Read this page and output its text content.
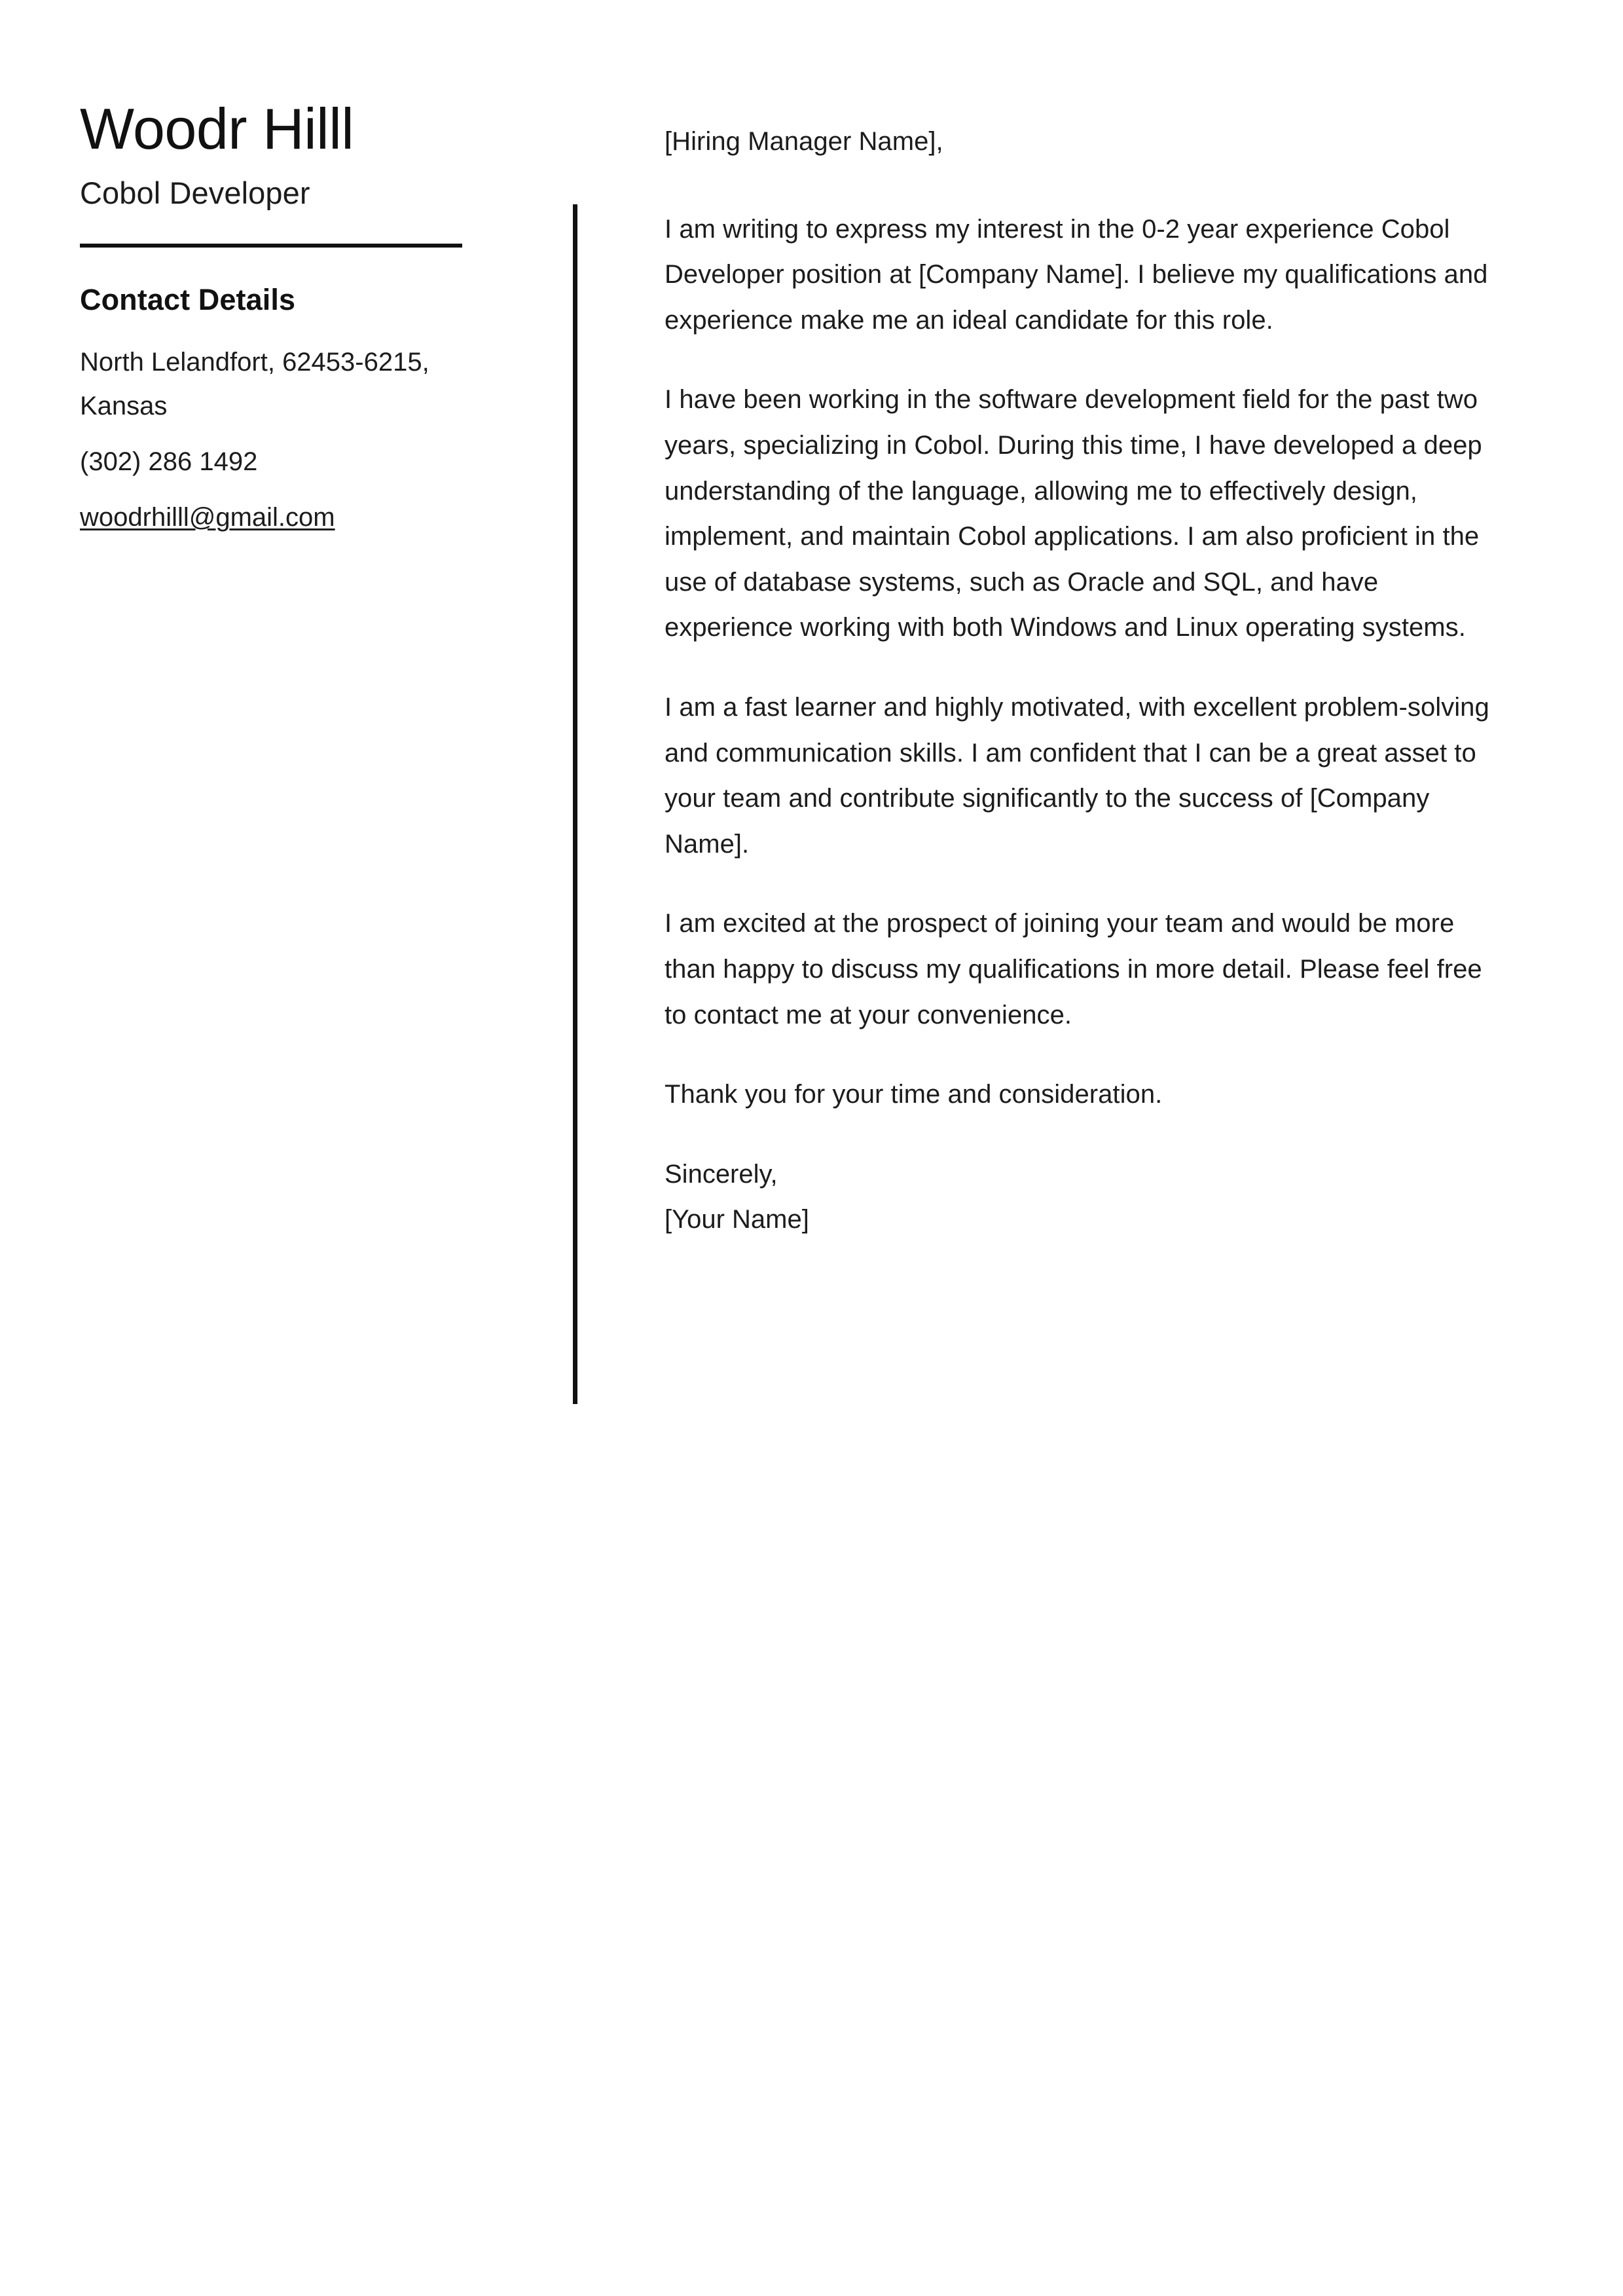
Woodr Hilll

Cobol Developer

Contact Details
North Lelandfort, 62453-6215, Kansas
(302) 286 1492
woodrhilll@gmail.com

[Hiring Manager Name],

I am writing to express my interest in the 0-2 year experience Cobol Developer position at [Company Name]. I believe my qualifications and experience make me an ideal candidate for this role.

I have been working in the software development field for the past two years, specializing in Cobol. During this time, I have developed a deep understanding of the language, allowing me to effectively design, implement, and maintain Cobol applications. I am also proficient in the use of database systems, such as Oracle and SQL, and have experience working with both Windows and Linux operating systems.

I am a fast learner and highly motivated, with excellent problem-solving and communication skills. I am confident that I can be a great asset to your team and contribute significantly to the success of [Company Name].

I am excited at the prospect of joining your team and would be more than happy to discuss my qualifications in more detail. Please feel free to contact me at your convenience.

Thank you for your time and consideration.

Sincerely,

[Your Name]
